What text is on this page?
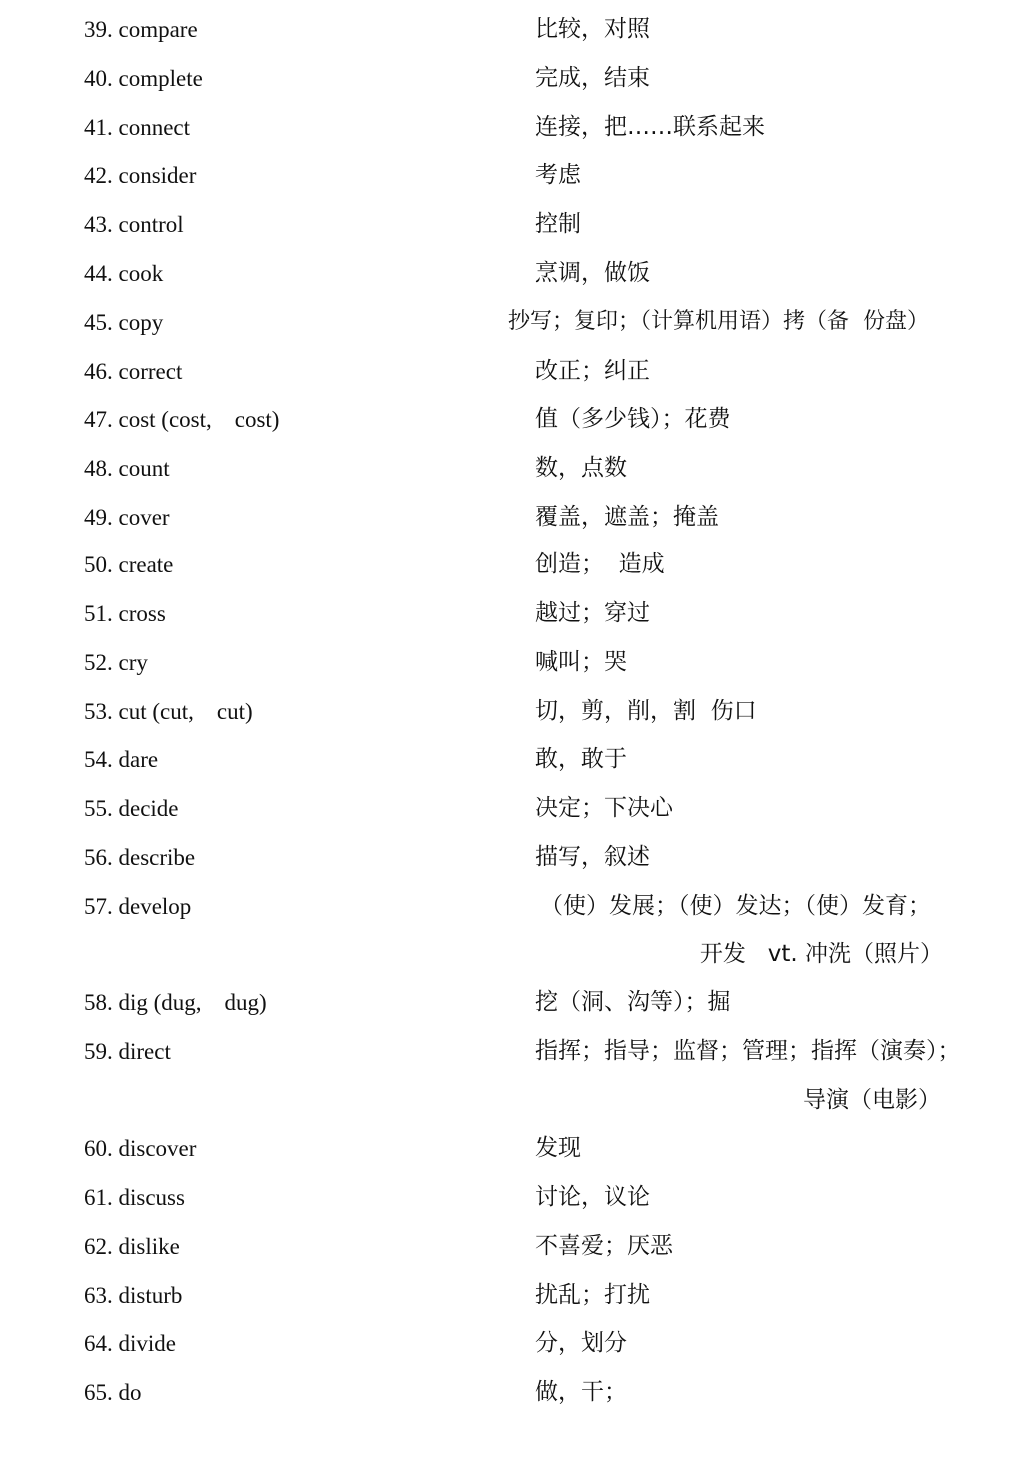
39. compare	比较，对照
40. complete	完成，结束
41. connect	连接，把……联系起来
42. consider	考虑
43. control	控制
44. cook	烹调，做饭
45. copy	抄写；复印；（计算机用语）拷（备  份盘）
46. correct	改正；纠正
47. cost (cost,    cost)	值（多少钱）；花费
48. count	数，点数
49. cover	覆盖，遮盖；掩盖
50. create	创造；  造成
51. cross	越过；穿过
52. cry	喊叫；哭
53. cut (cut,    cut)	切，剪，削，割  伤口
54. dare	敢，敢于
55. decide	决定；下决心
56. describe	描写，叙述
57. develop	（使）发展；（使）发达；（使）发育；
开发   vt. 冲洗（照片）
58. dig (dug,    dug)	挖（洞、沟等）；掘
59. direct	指挥；指导；监督；管理；指挥（演奏）；
导演（电影）
60. discover	发现
61. discuss	讨论，议论
62. dislike	不喜爱；厌恶
63. disturb	扰乱；打扰
64. divide	分，划分
65. do	做，干；
